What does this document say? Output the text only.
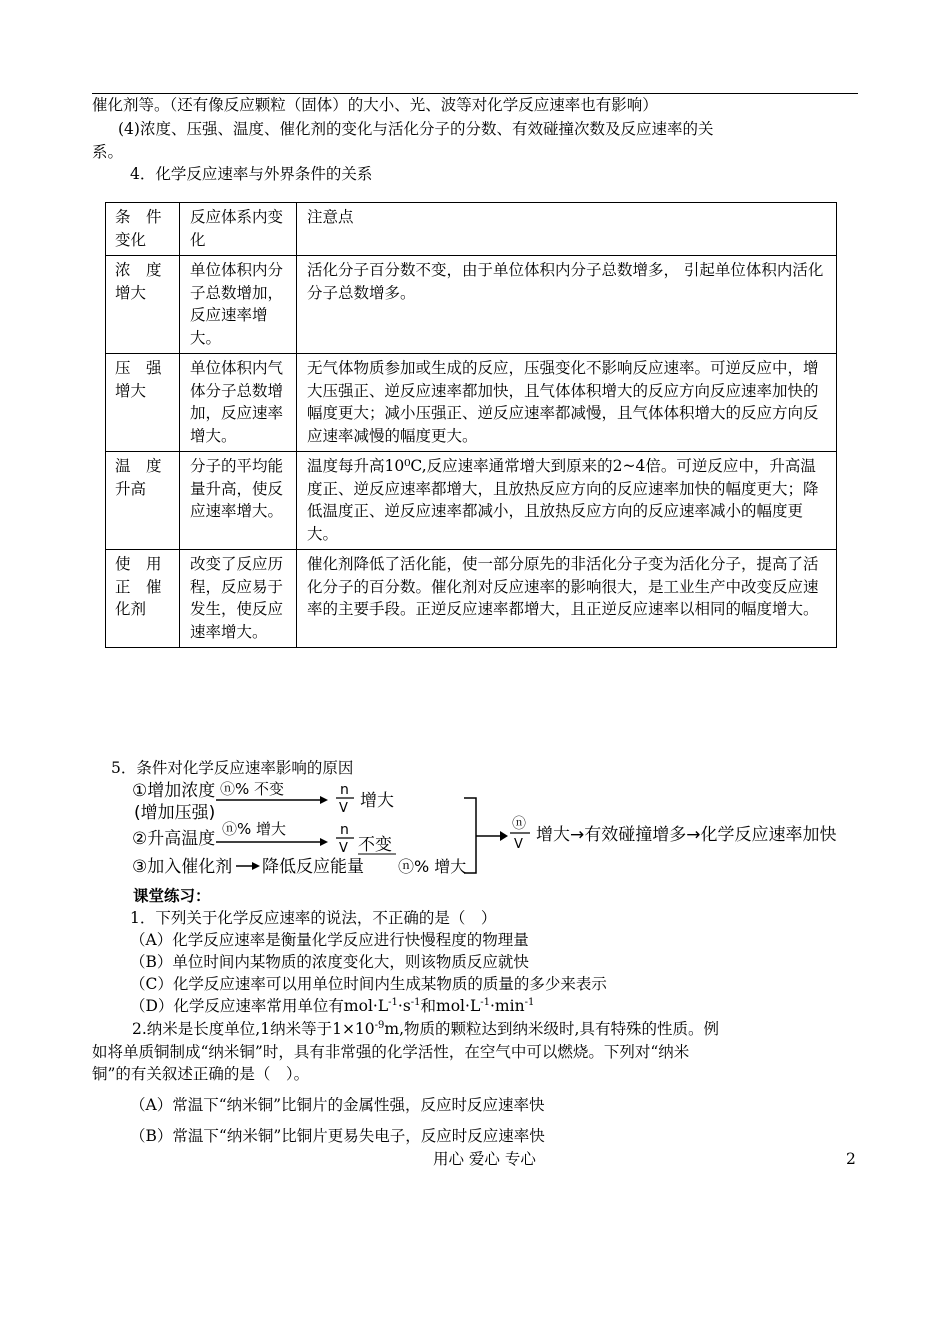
催化剂等。（还有像反应颗粒（固体）的大小、光、波等对化学反应速率也有影响）
(4)浓度、压强、温度、催化剂的变化与活化分子的分数、有效碰撞次数及反应速率的关
系。
4．化学反应速率与外界条件的关系
条　件变化	反应体系内变化	注意点
浓　度增大	单位体积内分子总数增加，反应速率增大。	活化分子百分数不变，由于单位体积内分子总数增多， 引起单位体积内活化分子总数增多。
压　强增大	单位体积内气体分子总数增加，反应速率增大。	无气体物质参加或生成的反应，压强变化不影响反应速率。可逆反应中，增大压强正、逆反应速率都加快，且气体体积增大的反应方向反应速率加快的幅度更大；减小压强正、逆反应速率都减慢，且气体体积增大的反应方向反应速率减慢的幅度更大。
温　度升高	分子的平均能量升高，使反应速率增大。	温度每升高10⁰C,反应速率通常增大到原来的2~4倍。可逆反应中，升高温度正、逆反应速率都增大，且放热反应方向的反应速率加快的幅度更大；降低温度正、逆反应速率都减小，且放热反应方向的反应速率减小的幅度更大。
使　用正　催化剂	改变了反应历程，反应易于发生，使反应速率增大。	催化剂降低了活化能，使一部分原先的非活化分子变为活化分子，提高了活化分子的百分数。催化剂对反应速率的影响很大，是工业生产中改变反应速率的主要手段。正逆反应速率都增大，且正逆反应速率以相同的幅度增大。
5．条件对化学反应速率影响的原因
①增加浓度
(增加压强)
ⓝ% 不变	n
V 增大
②升高温度 ⓝ% 增大	n
V 不变
③加入催化剂 降低反应能量 ⓝ% 增大
ⓝ
V 增大→有效碰撞增多→化学反应速率加快
课堂练习：
1．下列关于化学反应速率的说法，不正确的是（　）
（A）化学反应速率是衡量化学反应进行快慢程度的物理量
（B）单位时间内某物质的浓度变化大，则该物质反应就快
（C）化学反应速率可以用单位时间内生成某物质的质量的多少来表示
（D）化学反应速率常用单位有$mol\cdot L^{-1}\cdot s^{-1}$和$mol\cdot L^{-1}\cdot\min^{-1}$
2.纳米是长度单位,1纳米等于$1\times 10^{-9}m$,物质的颗粒达到纳米级时,具有特殊的性质。例
如将单质铜制成“纳米铜”时，具有非常强的化学活性，在空气中可以燃烧。下列对“纳米
铜”的有关叙述正确的是（　）。
（A）常温下“纳米铜”比铜片的金属性强，反应时反应速率快
（B）常温下“纳米铜”比铜片更易失电子，反应时反应速率快
用心 爱心 专心	2
